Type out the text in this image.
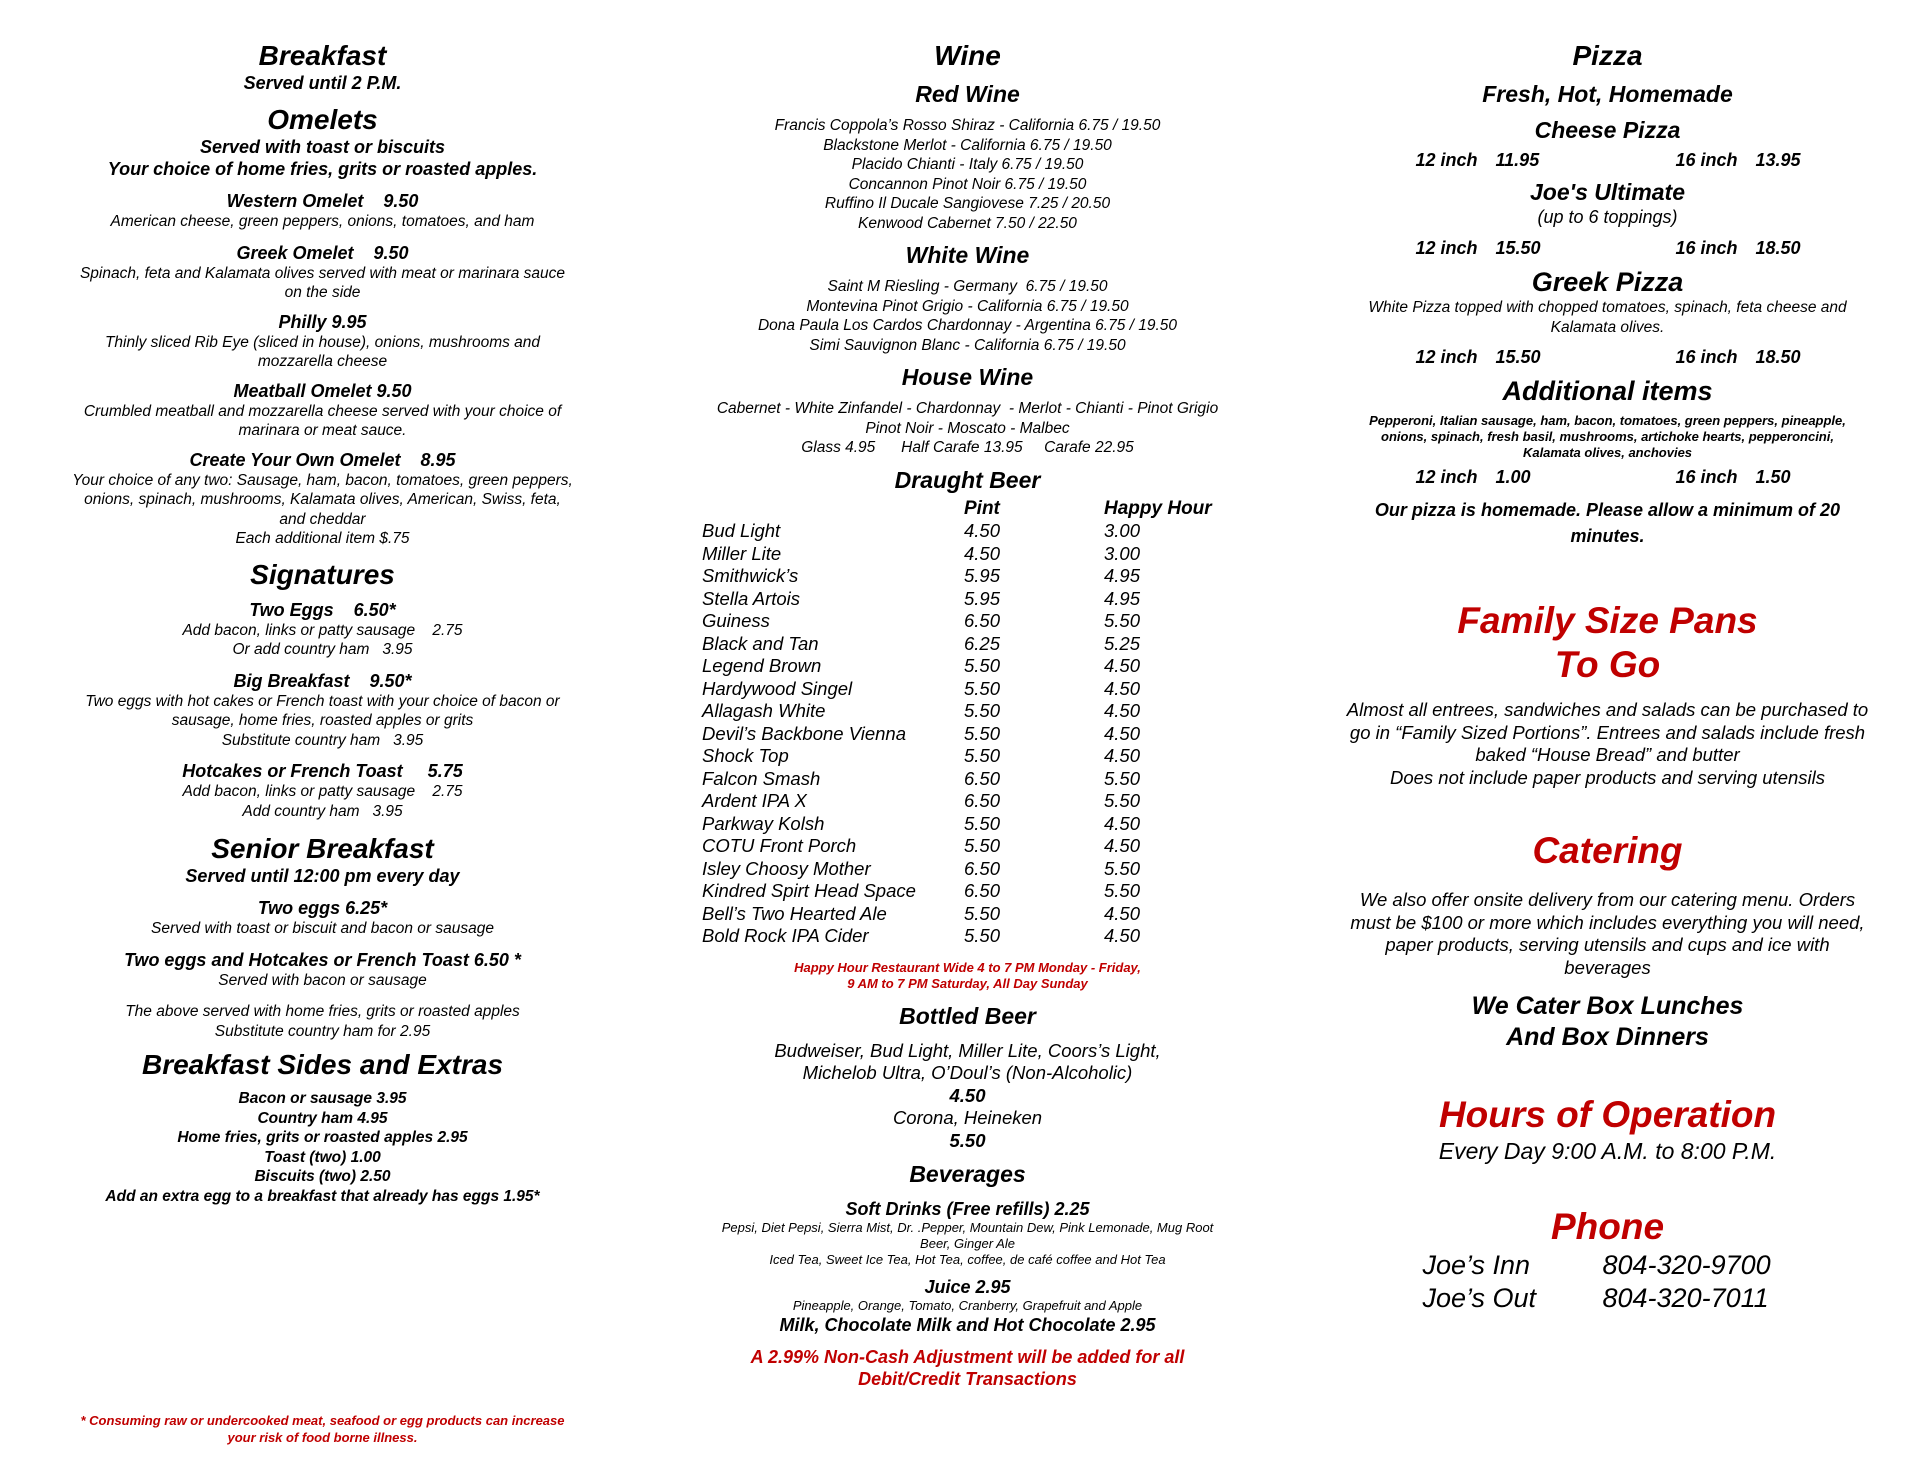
Breakfast
Served until 2 P.M.
Omelets
Served with toast or biscuits
Your choice of home fries, grits or roasted apples.
Western Omelet    9.50
American cheese, green peppers, onions, tomatoes, and ham
Greek Omelet    9.50
Spinach, feta and Kalamata olives served with meat or marinara sauce
on the side
Philly 9.95
Thinly sliced Rib Eye (sliced in house), onions, mushrooms and
mozzarella cheese
Meatball Omelet 9.50
Crumbled meatball and mozzarella cheese served with your choice of
marinara or meat sauce.
Create Your Own Omelet    8.95
Your choice of any two: Sausage, ham, bacon, tomatoes, green peppers,
onions, spinach, mushrooms, Kalamata olives, American, Swiss, feta,
and cheddar
Each additional item $.75
Signatures
Two Eggs    6.50*
Add bacon, links or patty sausage    2.75
Or add country ham   3.95
Big Breakfast    9.50*
Two eggs with hot cakes or French toast with your choice of bacon or
sausage, home fries, roasted apples or grits
Substitute country ham   3.95
Hotcakes or French Toast     5.75
Add bacon, links or patty sausage    2.75
Add country ham   3.95
Senior Breakfast
Served until 12:00 pm every day
Two eggs 6.25*
Served with toast or biscuit and bacon or sausage
Two eggs and Hotcakes or French Toast 6.50 *
Served with bacon or sausage
The above served with home fries, grits or roasted apples
Substitute country ham for 2.95
Breakfast Sides and Extras
Bacon or sausage 3.95
Country ham 4.95
Home fries, grits or roasted apples 2.95
Toast (two) 1.00
Biscuits (two) 2.50
Add an extra egg to a breakfast that already has eggs 1.95*
* Consuming raw or undercooked meat, seafood or egg products can increase
your risk of food borne illness.
Wine
Red Wine
Francis Coppola’s Rosso Shiraz - California 6.75 / 19.50
Blackstone Merlot - California 6.75 / 19.50
Placido Chianti - Italy 6.75 / 19.50
Concannon Pinot Noir 6.75 / 19.50
Ruffino Il Ducale Sangiovese 7.25 / 20.50
Kenwood Cabernet 7.50 / 22.50
White Wine
Saint M Riesling - Germany  6.75 / 19.50
Montevina Pinot Grigio - California 6.75 / 19.50
Dona Paula Los Cardos Chardonnay - Argentina 6.75 / 19.50
Simi Sauvignon Blanc - California 6.75 / 19.50
House Wine
Cabernet - White Zinfandel - Chardonnay  - Merlot - Chianti - Pinot Grigio
Pinot Noir - Moscato - Malbec
Glass 4.95      Half Carafe 13.95     Carafe 22.95
Draught Beer
	Pint	Happy Hour
Bud Light	4.50	3.00
Miller Lite	4.50	3.00
Smithwick’s	5.95	4.95
Stella Artois	5.95	4.95
Guiness	6.50	5.50
Black and Tan	6.25	5.25
Legend Brown	5.50	4.50
Hardywood Singel	5.50	4.50
Allagash White	5.50	4.50
Devil’s Backbone Vienna	5.50	4.50
Shock Top	5.50	4.50
Falcon Smash	6.50	5.50
Ardent IPA X	6.50	5.50
Parkway Kolsh	5.50	4.50
COTU Front Porch	5.50	4.50
Isley Choosy Mother	6.50	5.50
Kindred Spirt Head Space	6.50	5.50
Bell’s Two Hearted Ale	5.50	4.50
Bold Rock IPA Cider	5.50	4.50
Happy Hour Restaurant Wide 4 to 7 PM Monday - Friday,
9 AM to 7 PM Saturday, All Day Sunday
Bottled Beer
Budweiser, Bud Light, Miller Lite, Coors’s Light,
Michelob Ultra, O’Doul’s (Non-Alcoholic)
4.50
Corona, Heineken
5.50
Beverages
Soft Drinks (Free refills) 2.25
Pepsi, Diet Pepsi, Sierra Mist, Dr. .Pepper, Mountain Dew, Pink Lemonade, Mug Root
Beer, Ginger Ale
Iced Tea, Sweet Ice Tea, Hot Tea, coffee, de café coffee and Hot Tea
Juice 2.95
Pineapple, Orange, Tomato, Cranberry, Grapefruit and Apple
Milk, Chocolate Milk and Hot Chocolate 2.95
A 2.99% Non-Cash Adjustment will be added for all
Debit/Credit Transactions
Pizza
Fresh, Hot, Homemade
Cheese Pizza
12 inch	11.95	16 inch	13.95
Joe's Ultimate
(up to 6 toppings)
12 inch	15.50	16 inch	18.50
Greek Pizza
White Pizza topped with chopped tomatoes, spinach, feta cheese and
Kalamata olives.
12 inch	15.50	16 inch	18.50
Additional items
Pepperoni, Italian sausage, ham, bacon, tomatoes, green peppers, pineapple,
onions, spinach, fresh basil, mushrooms, artichoke hearts, pepperoncini,
Kalamata olives, anchovies
12 inch	1.00	16 inch	1.50
Our pizza is homemade. Please allow a minimum of 20
minutes.
Family Size Pans
To Go
Almost all entrees, sandwiches and salads can be purchased to
go in “Family Sized Portions”. Entrees and salads include fresh
baked “House Bread” and butter
Does not include paper products and serving utensils
Catering
We also offer onsite delivery from our catering menu. Orders
must be $100 or more which includes everything you will need,
paper products, serving utensils and cups and ice with
beverages
We Cater Box Lunches
And Box Dinners
Hours of Operation
Every Day 9:00 A.M. to 8:00 P.M.
Phone
Joe’s Inn	804-320-9700
Joe’s Out	804-320-7011
